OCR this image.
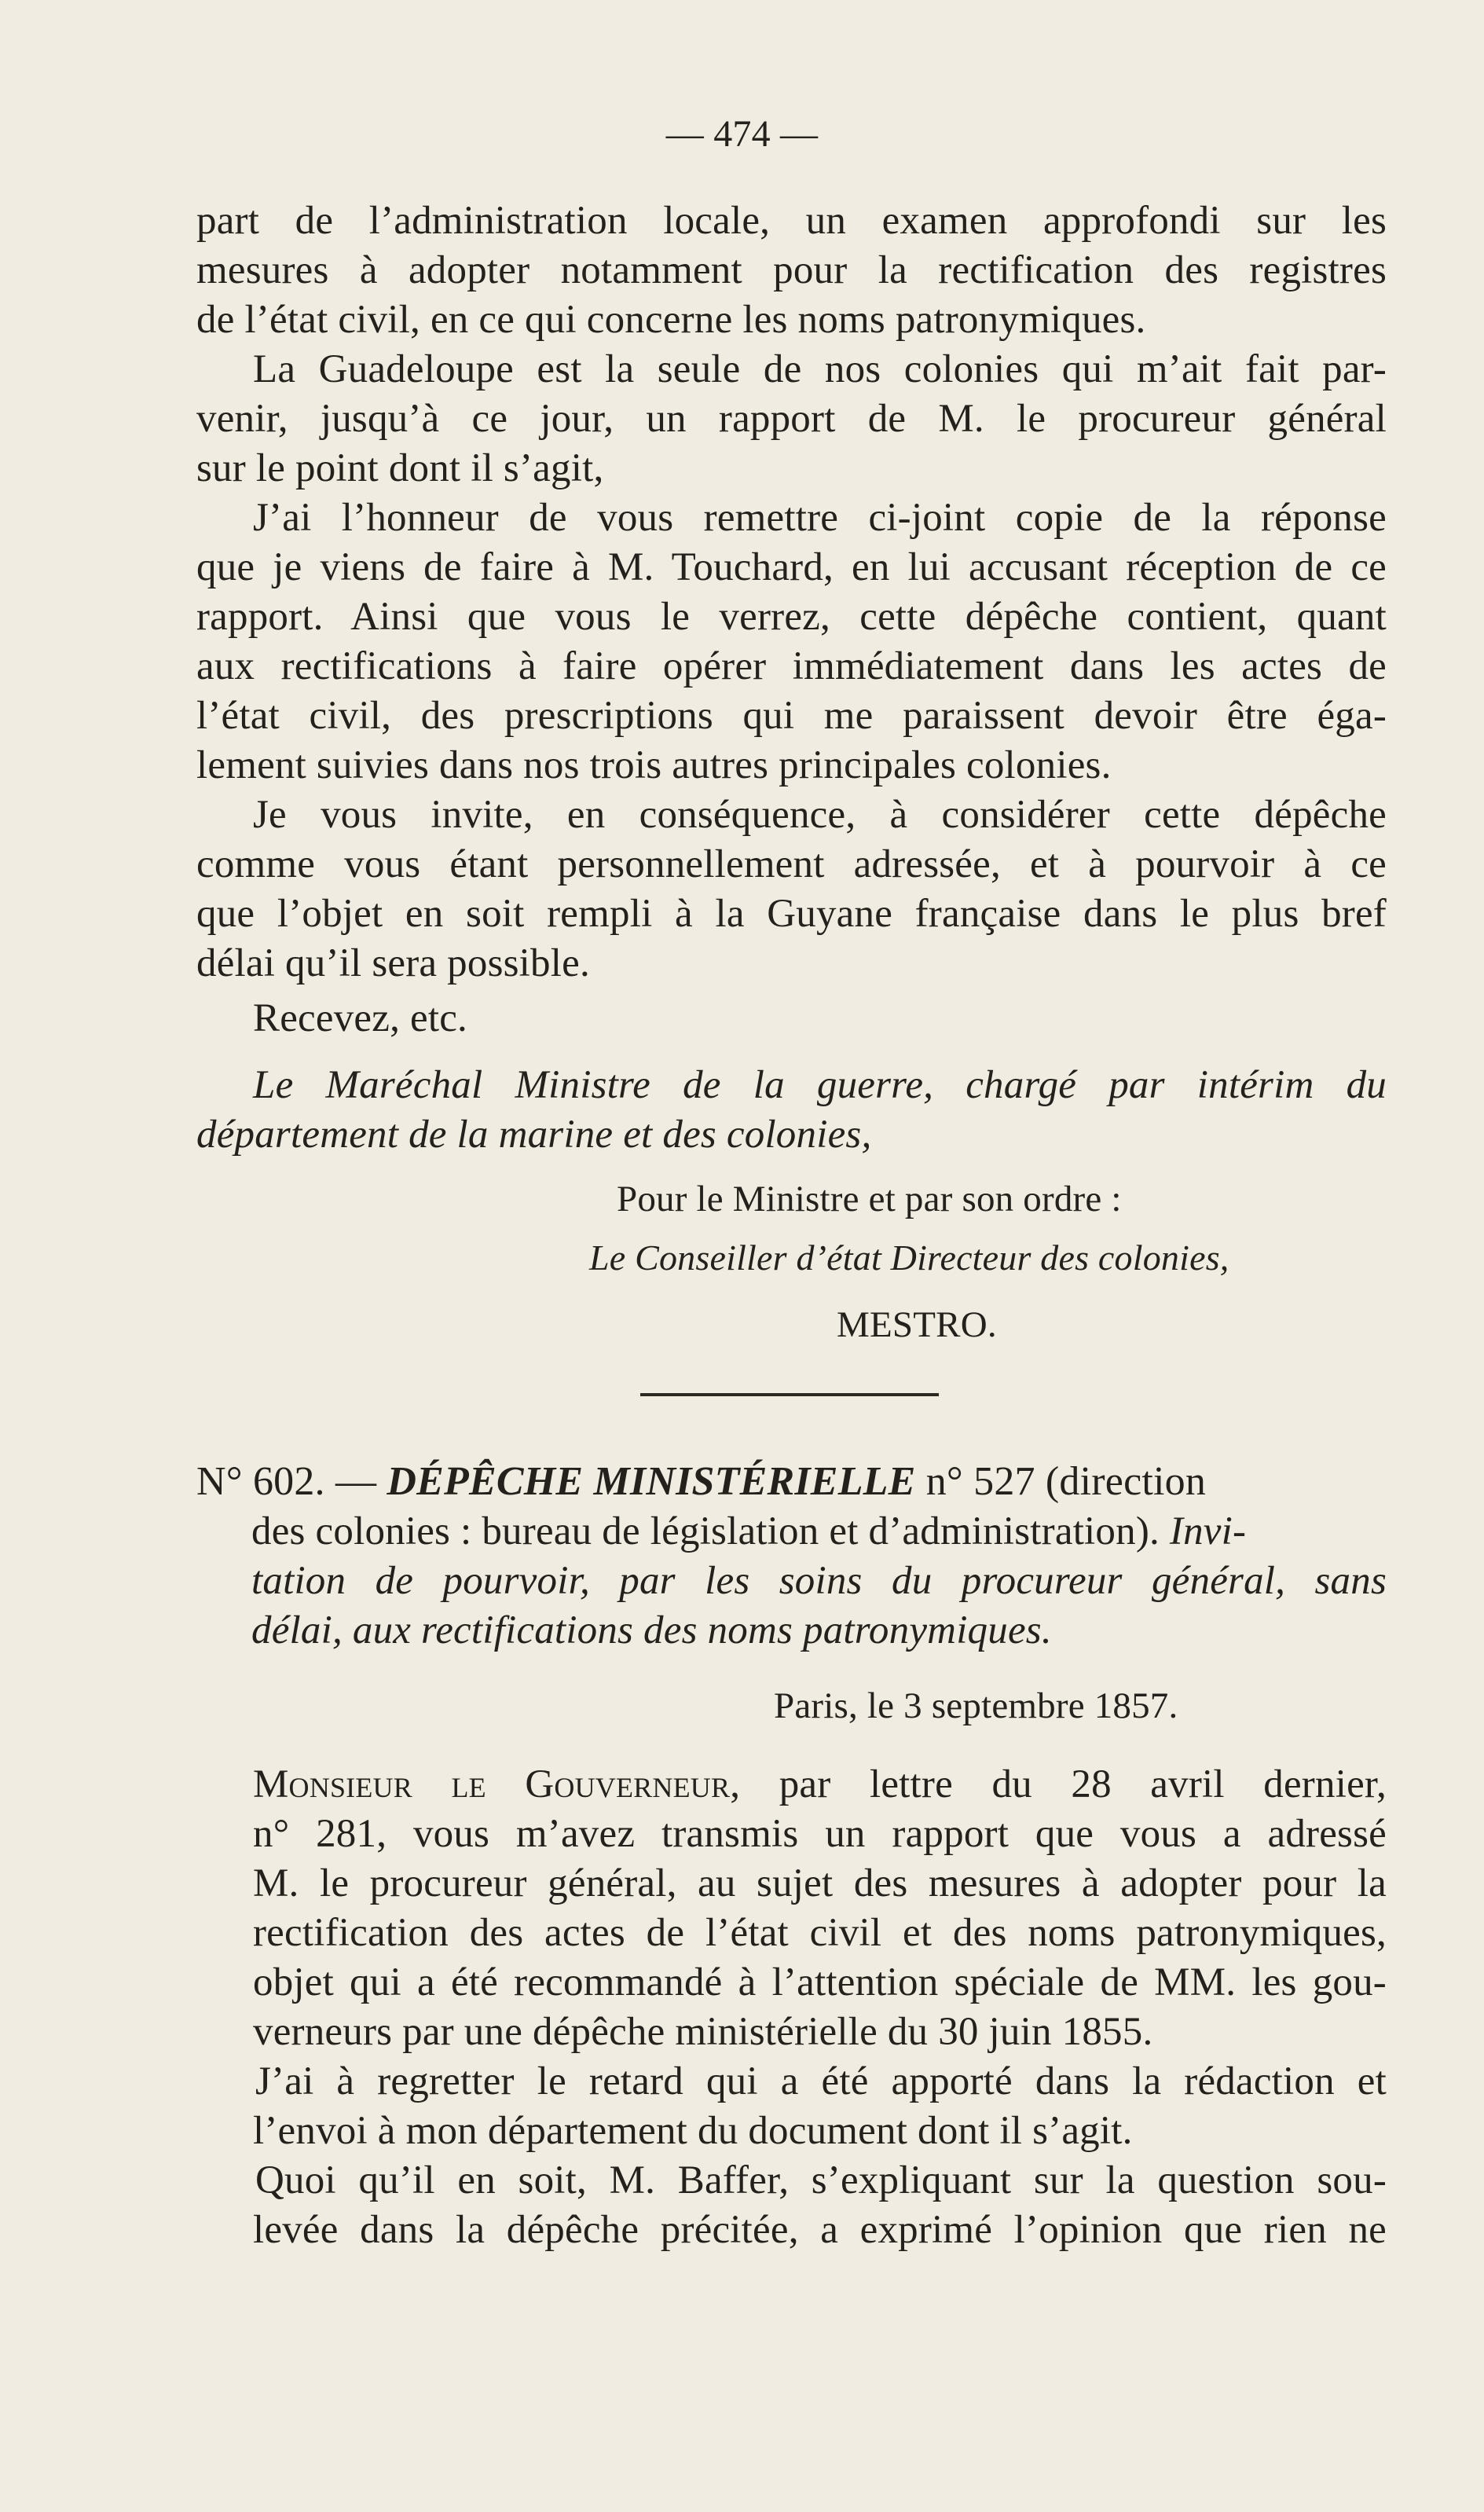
— 474 —
part de l’administration locale, un examen approfondi sur les
mesures à adopter notamment pour la rectification des registres
de l’état civil, en ce qui concerne les noms patronymiques.
La Guadeloupe est la seule de nos colonies qui m’ait fait par-
venir, jusqu’à ce jour, un rapport de M. le procureur général
sur le point dont il s’agit,
J’ai l’honneur de vous remettre ci-joint copie de la réponse
que je viens de faire à M. Touchard, en lui accusant réception de ce
rapport. Ainsi que vous le verrez, cette dépêche contient, quant
aux rectifications à faire opérer immédiatement dans les actes de
l’état civil, des prescriptions qui me paraissent devoir être éga-
lement suivies dans nos trois autres principales colonies.
Je vous invite, en conséquence, à considérer cette dépêche
comme vous étant personnellement adressée, et à pourvoir à ce
que l’objet en soit rempli à la Guyane française dans le plus bref
délai qu’il sera possible.
Recevez, etc.
Le Maréchal Ministre de la guerre, chargé par intérim du
département de la marine et des colonies,
Pour le Ministre et par son ordre :
Le Conseiller d’état Directeur des colonies,
MESTRO.
N° 602. — DÉPÊCHE MINISTÉRIELLE n° 527 (direction
des colonies : bureau de législation et d’administration). Invi-
tation de pourvoir, par les soins du procureur général, sans
délai, aux rectifications des noms patronymiques.
Paris, le 3 septembre 1857.
Monsieur le Gouverneur, par lettre du 28 avril dernier,
n° 281, vous m’avez transmis un rapport que vous a adressé
M. le procureur général, au sujet des mesures à adopter pour la
rectification des actes de l’état civil et des noms patronymiques,
objet qui a été recommandé à l’attention spéciale de MM. les gou-
verneurs par une dépêche ministérielle du 30 juin 1855.
J’ai à regretter le retard qui a été apporté dans la rédaction et
l’envoi à mon département du document dont il s’agit.
Quoi qu’il en soit, M. Baffer, s’expliquant sur la question sou-
levée dans la dépêche précitée, a exprimé l’opinion que rien ne
